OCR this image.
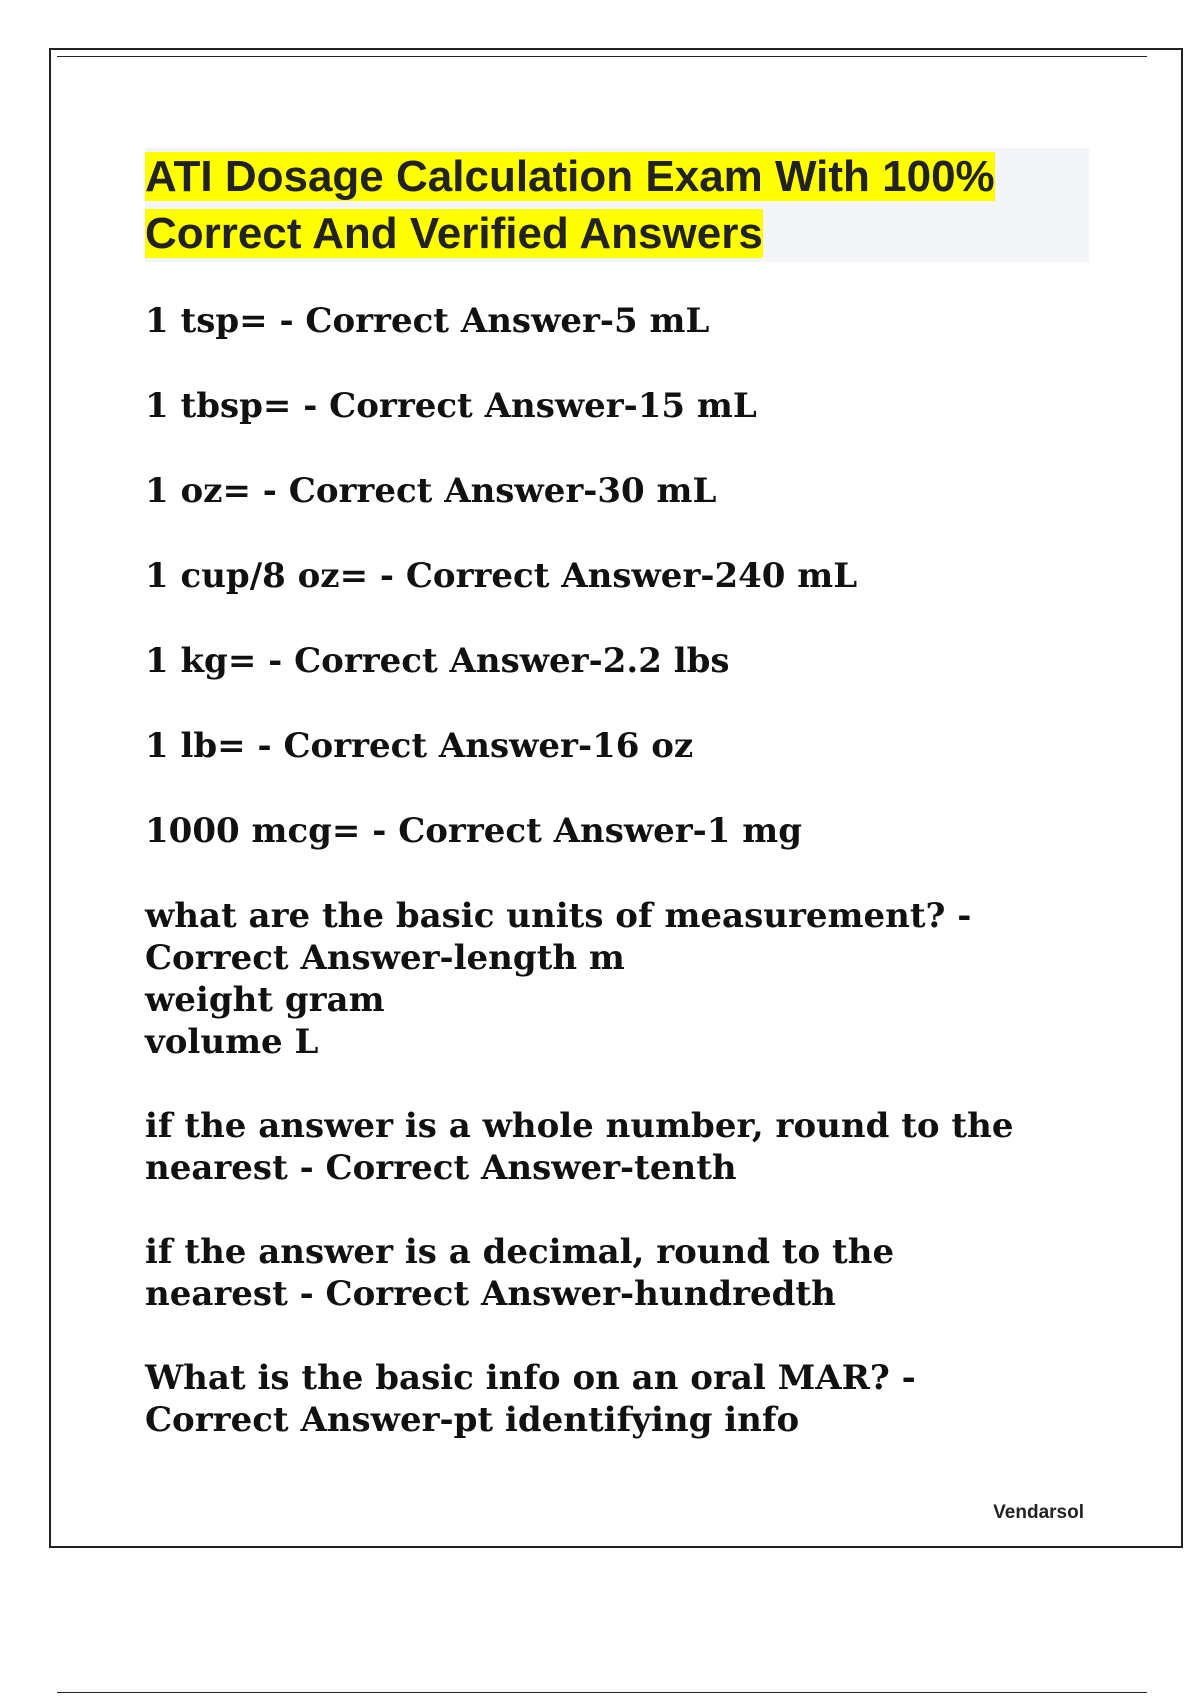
ATI Dosage Calculation Exam With 100% Correct And Verified Answers

1 tsp= - Correct Answer-5 mL

1 tbsp= - Correct Answer-15 mL

1 oz= - Correct Answer-30 mL

1 cup/8 oz= - Correct Answer-240 mL

1 kg= - Correct Answer-2.2 lbs

1 lb= - Correct Answer-16 oz

1000 mcg= - Correct Answer-1 mg

what are the basic units of measurement? -
Correct Answer-length m
weight gram
volume L

if the answer is a whole number, round to the
nearest - Correct Answer-tenth

if the answer is a decimal, round to the
nearest - Correct Answer-hundredth

What is the basic info on an oral MAR? -
Correct Answer-pt identifying info

Vendarsol
